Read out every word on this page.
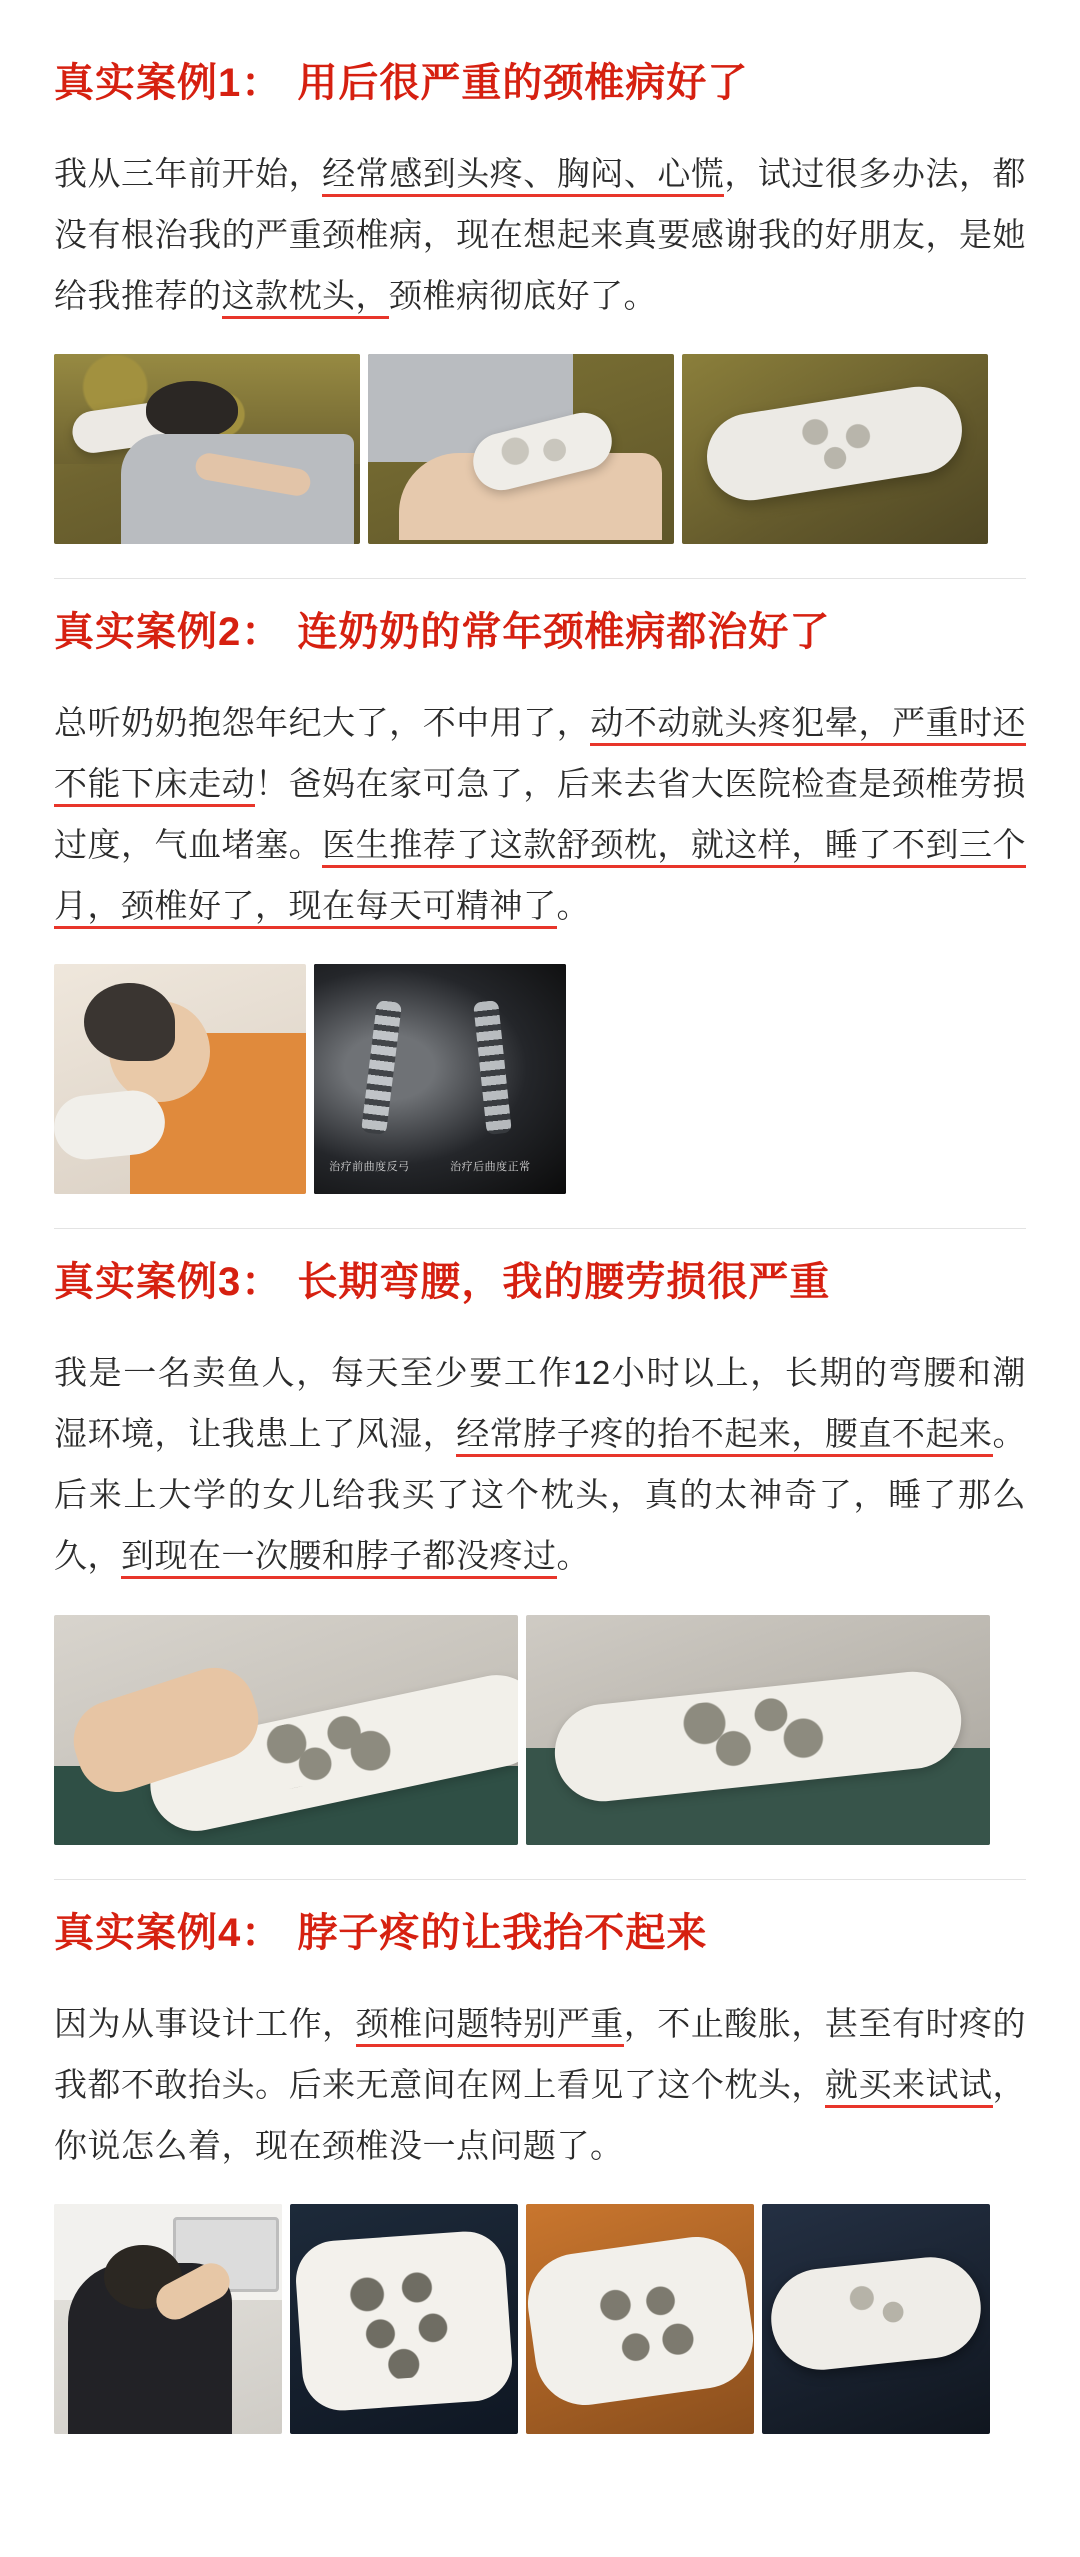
真实案例1： 用后很严重的颈椎病好了

我从三年前开始，经常感到头疼、胸闷、心慌，试过很多办法，都没有根治我的严重颈椎病，现在想起来真要感谢我的好朋友，是她给我推荐的这款枕头，颈椎病彻底好了。

真实案例2： 连奶奶的常年颈椎病都治好了

总听奶奶抱怨年纪大了，不中用了，动不动就头疼犯晕，严重时还不能下床走动！爸妈在家可急了，后来去省大医院检查是颈椎劳损过度，气血堵塞。医生推荐了这款舒颈枕，就这样，睡了不到三个月，颈椎好了，现在每天可精神了。

治疗前曲度反弓	治疗后曲度正常
真实案例3： 长期弯腰，我的腰劳损很严重

我是一名卖鱼人，每天至少要工作12小时以上，长期的弯腰和潮湿环境，让我患上了风湿，经常脖子疼的抬不起来，腰直不起来。后来上大学的女儿给我买了这个枕头，真的太神奇了，睡了那么久，到现在一次腰和脖子都没疼过。

真实案例4： 脖子疼的让我抬不起来

因为从事设计工作，颈椎问题特别严重，不止酸胀，甚至有时疼的我都不敢抬头。后来无意间在网上看见了这个枕头，就买来试试，你说怎么着，现在颈椎没一点问题了。
